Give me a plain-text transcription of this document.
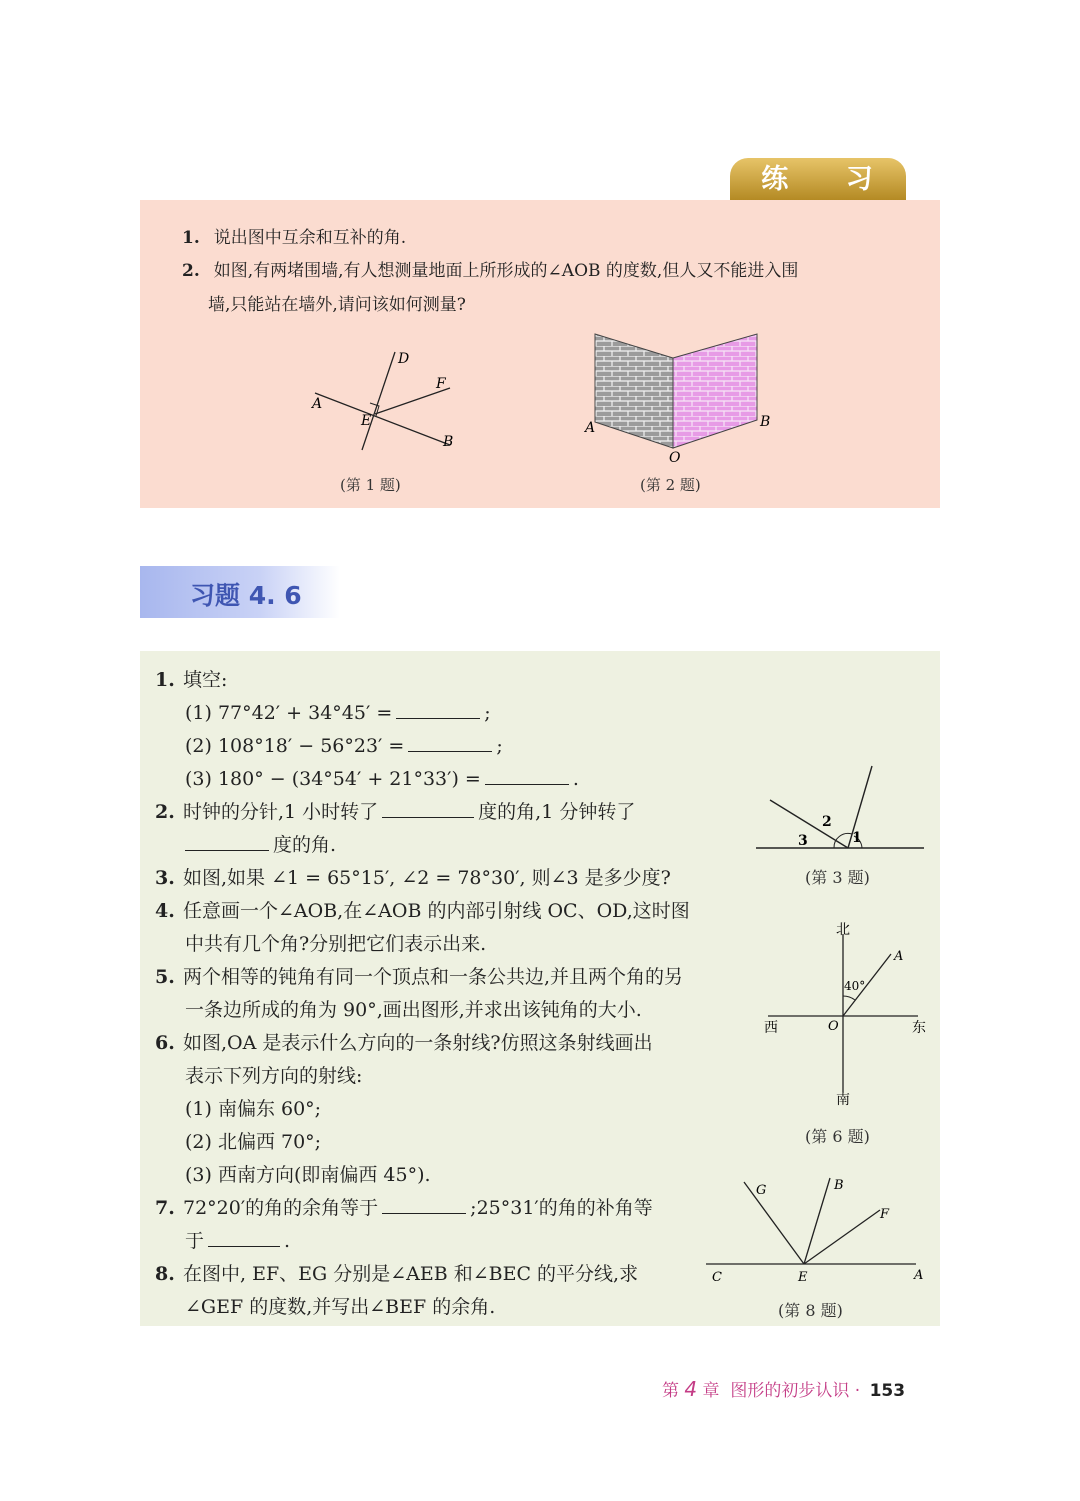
练 习
1. 说出图中互余和互补的角.
2. 如图,有两堵围墙,有人想测量地面上所形成的∠AOB 的度数,但人又不能进入围
墙,只能站在墙外,请问该如何测量?
A
B
D
E
F
(第 1 题)
A	B
O
(第 2 题)
习题 4. 6
1. 填空:
(1) 77°42′ + 34°45′ =	;
(2) 108°18′ − 56°23′ =	;
(3) 180° − (34°54′ + 21°33′) =	.
2. 时钟的分针,1 小时转了	度的角,1 分钟转了
度的角.
3. 如图,如果 ∠1 = 65°15′, ∠2 = 78°30′, 则∠3 是多少度?
4. 任意画一个∠AOB,在∠AOB 的内部引射线 OC、OD,这时图
中共有几个角?分别把它们表示出来.
5. 两个相等的钝角有同一个顶点和一条公共边,并且两个角的另
一条边所成的角为 90°,画出图形,并求出该钝角的大小.
6. 如图,OA 是表示什么方向的一条射线?仿照这条射线画出
表示下列方向的射线:
(1) 南偏东 60°;
(2) 北偏西 70°;
(3) 西南方向(即南偏西 45°).
7. 72°20′的角的余角等于	;25°31′的角的补角等
于	.
8. 在图中, EF、EG 分别是∠AEB 和∠BEC 的平分线,求
∠GEF 的度数,并写出∠BEF 的余角.
1
2
3
(第 3 题)
北
南
东
西	O
A
40°
(第 6 题)
G	B
F
C	E	A
(第 8 题)
第 4 章 图形的初步认识 · 153
